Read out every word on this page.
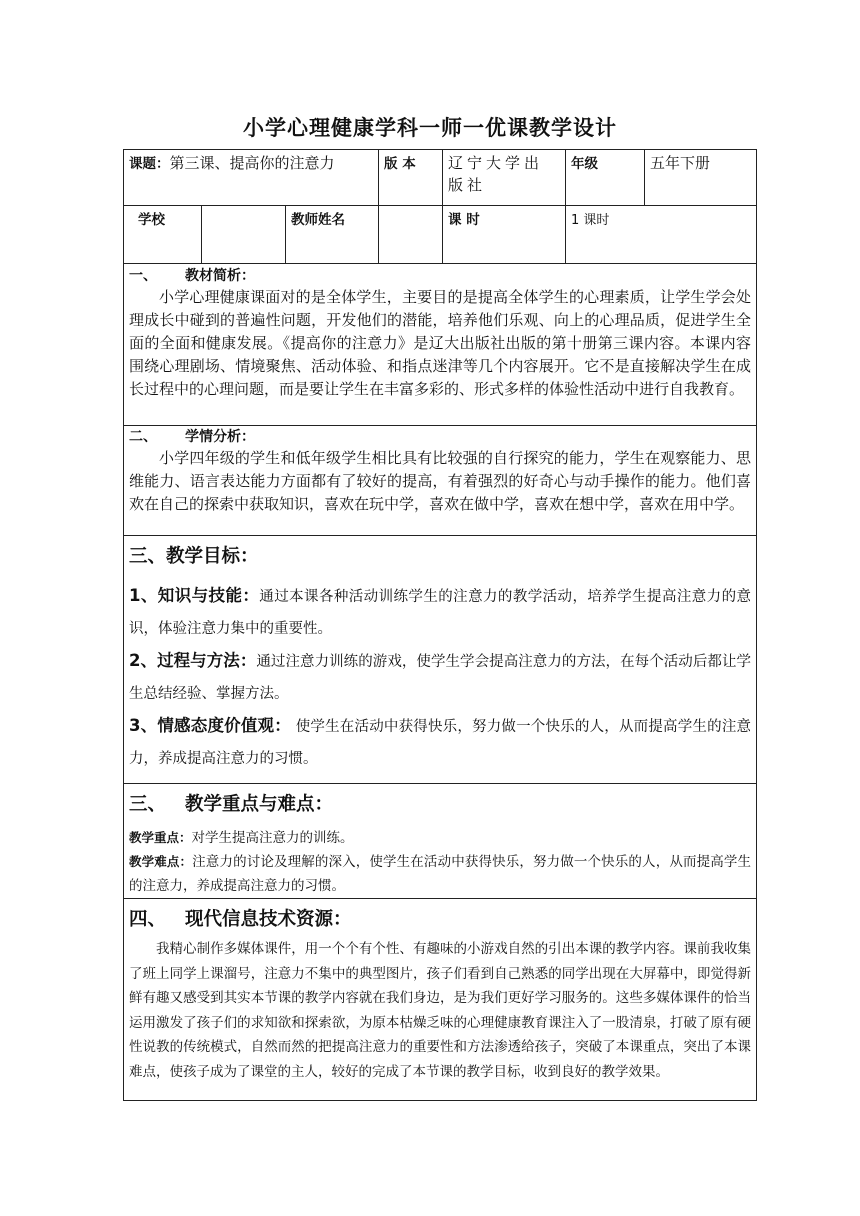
小学心理健康学科一师一优课教学设计
课题：第三课、提高你的注意力			版 本	辽宁大学出版社	年级	五年下册
学校		教师姓名		课 时	1 课时	

一、 教材简析：

小学心理健康课面对的是全体学生，主要目的是提高全体学生的心理素质，让学生学会处理成长中碰到的普遍性问题，开发他们的潜能，培养他们乐观、向上的心理品质，促进学生全面的全面和健康发展。《提高你的注意力》是辽大出版社出版的第十册第三课内容。本课内容围绕心理剧场、情境聚焦、活动体验、和指点迷津等几个内容展开。它不是直接解决学生在成长过程中的心理问题，而是要让学生在丰富多彩的、形式多样的体验性活动中进行自我教育。						

二、 学情分析：

小学四年级的学生和低年级学生相比具有比较强的自行探究的能力，学生在观察能力、思维能力、语言表达能力方面都有了较好的提高，有着强烈的好奇心与动手操作的能力。他们喜欢在自己的探索中获取知识，喜欢在玩中学，喜欢在做中学，喜欢在想中学，喜欢在用中学。						

三、教学目标：

1、知识与技能：通过本课各种活动训练学生的注意力的教学活动，培养学生提高注意力的意识，体验注意力集中的重要性。

2、过程与方法：通过注意力训练的游戏，使学生学会提高注意力的方法，在每个活动后都让学生总结经验、掌握方法。

3、情感态度价值观： 使学生在活动中获得快乐，努力做一个快乐的人，从而提高学生的注意力，养成提高注意力的习惯。						

三、 教学重点与难点：

教学重点：对学生提高注意力的训练。

教学难点：注意力的讨论及理解的深入，使学生在活动中获得快乐，努力做一个快乐的人，从而提高学生的注意力，养成提高注意力的习惯。						

四、 现代信息技术资源：

我精心制作多媒体课件，用一个个有个性、有趣味的小游戏自然的引出本课的教学内容。课前我收集了班上同学上课溜号，注意力不集中的典型图片，孩子们看到自己熟悉的同学出现在大屏幕中，即觉得新鲜有趣又感受到其实本节课的教学内容就在我们身边，是为我们更好学习服务的。这些多媒体课件的恰当运用激发了孩子们的求知欲和探索欲，为原本枯燥乏味的心理健康教育课注入了一股清泉，打破了原有硬性说教的传统模式，自然而然的把提高注意力的重要性和方法渗透给孩子，突破了本课重点，突出了本课难点，使孩子成为了课堂的主人，较好的完成了本节课的教学目标，收到良好的教学效果。						
